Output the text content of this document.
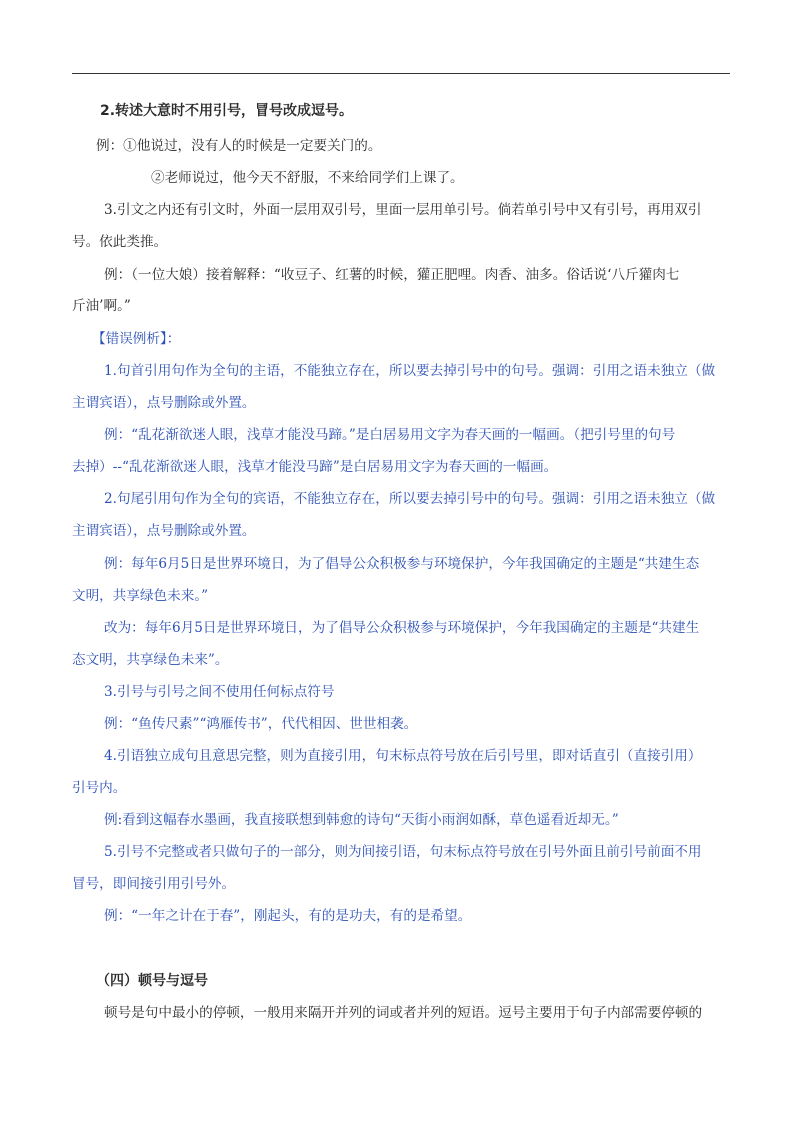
2.转述大意时不用引号，冒号改成逗号。
例：①他说过，没有人的时候是一定要关门的。
②老师说过，他今天不舒服，不来给同学们上课了。
3.引文之内还有引文时，外面一层用双引号，里面一层用单引号。倘若单引号中又有引号，再用双引
号。依此类推。
例：（一位大娘）接着解释：“收豆子、红薯的时候，獾正肥哩。肉香、油多。俗话说‘八斤獾肉七
斤油’啊。”
【错误例析】：
1.句首引用句作为全句的主语，不能独立存在，所以要去掉引号中的句号。强调：引用之语未独立（做
主谓宾语），点号删除或外置。
例：“乱花渐欲迷人眼，浅草才能没马蹄。”是白居易用文字为春天画的一幅画。（把引号里的句号
去掉）--“乱花渐欲迷人眼，浅草才能没马蹄”是白居易用文字为春天画的一幅画。
2.句尾引用句作为全句的宾语，不能独立存在，所以要去掉引号中的句号。强调：引用之语未独立（做
主谓宾语），点号删除或外置。
例：每年6月5日是世界环境日，为了倡导公众积极参与环境保护，今年我国确定的主题是“共建生态
文明，共享绿色未来。”
改为：每年6月5日是世界环境日，为了倡导公众积极参与环境保护，今年我国确定的主题是“共建生
态文明，共享绿色未来”。
3.引号与引号之间不使用任何标点符号
例：“鱼传尺素”“鸿雁传书”，代代相因、世世相袭。
4.引语独立成句且意思完整，则为直接引用，句末标点符号放在后引号里，即对话直引（直接引用）
引号内。
例:看到这幅春水墨画，我直接联想到韩愈的诗句“天街小雨润如酥，草色遥看近却无。”
5.引号不完整或者只做句子的一部分，则为间接引语，句末标点符号放在引号外面且前引号前面不用
冒号，即间接引用引号外。
例：“一年之计在于春”，刚起头，有的是功夫，有的是希望。
（四）顿号与逗号
顿号是句中最小的停顿，一般用来隔开并列的词或者并列的短语。逗号主要用于句子内部需要停顿的
